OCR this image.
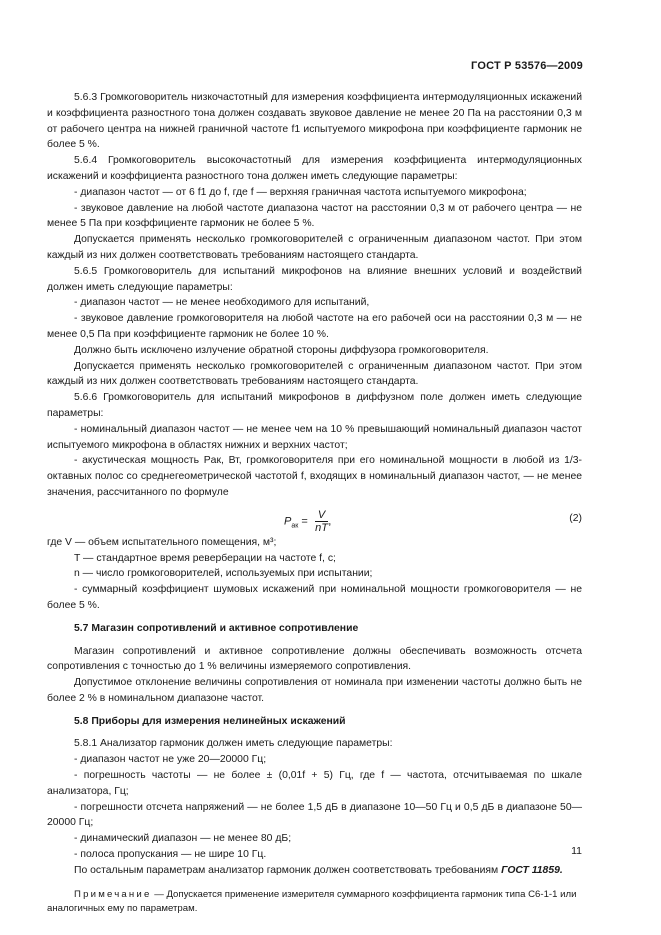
ГОСТ Р 53576—2009

5.6.3 Громкоговоритель низкочастотный для измерения коэффициента интермодуляционных искажений и коэффициента разностного тона должен создавать звуковое давление не менее 20 Па на расстоянии 0,3 м от рабочего центра на нижней граничной частоте f1 испытуемого микрофона при коэффициенте гармоник не более 5 %.

5.6.4 Громкоговоритель высокочастотный для измерения коэффициента интермодуляционных искажений и коэффициента разностного тона должен иметь следующие параметры:

- диапазон частот — от 6 f1 до f, где f — верхняя граничная частота испытуемого микрофона;

- звуковое давление на любой частоте диапазона частот на расстоянии 0,3 м от рабочего центра — не менее 5 Па при коэффициенте гармоник не более 5 %.

Допускается применять несколько громкоговорителей с ограниченным диапазоном частот. При этом каждый из них должен соответствовать требованиям настоящего стандарта.

5.6.5 Громкоговоритель для испытаний микрофонов на влияние внешних условий и воздействий должен иметь следующие параметры:

- диапазон частот — не менее необходимого для испытаний,

- звуковое давление громкоговорителя на любой частоте на его рабочей оси на расстоянии 0,3 м — не менее 0,5 Па при коэффициенте гармоник не более 10 %.

Должно быть исключено излучение обратной стороны диффузора громкоговорителя.

Допускается применять несколько громкоговорителей с ограниченным диапазоном частот. При этом каждый из них должен соответствовать требованиям настоящего стандарта.

5.6.6 Громкоговоритель для испытаний микрофонов в диффузном поле должен иметь следующие параметры:

- номинальный диапазон частот — не менее чем на 10 % превышающий номинальный диапазон частот испытуемого микрофона в областях нижних и верхних частот;

- акустическая мощность Pак, Вт, громкоговорителя при его номинальной мощности в любой из 1/3-октавных полос со среднегеометрической частотой f, входящих в номинальный диапазон частот, — не менее значения, рассчитанного по формуле

$P_{ак} = \frac{V}{nT}$ ,	(2)

где V — объем испытательного помещения, м³;

T — стандартное время реверберации на частоте f, с;

n — число громкоговорителей, используемых при испытании;

- суммарный коэффициент шумовых искажений при номинальной мощности громкоговорителя — не более 5 %.

5.7 Магазин сопротивлений и активное сопротивление

Магазин сопротивлений и активное сопротивление должны обеспечивать возможность отсчета сопротивления с точностью до 1 % величины измеряемого сопротивления.

Допустимое отклонение величины сопротивления от номинала при изменении частоты должно быть не более 2 % в номинальном диапазоне частот.

5.8 Приборы для измерения нелинейных искажений

5.8.1 Анализатор гармоник должен иметь следующие параметры:

- диапазон частот не уже 20—20000 Гц;

- погрешность частоты — не более ± (0,01f + 5) Гц, где f — частота, отсчитываемая по шкале анализатора, Гц;

- погрешности отсчета напряжений — не более 1,5 дБ в диапазоне 10—50 Гц и 0,5 дБ в диапазоне 50—20000 Гц;

- динамический диапазон — не менее 80 дБ;

- полоса пропускания — не шире 10 Гц.

По остальным параметрам анализатор гармоник должен соответствовать требованиям ГОСТ 11859.

Примечание — Допускается применение измерителя суммарного коэффициента гармоник типа С6-1-1 или аналогичных ему по параметрам.

11
